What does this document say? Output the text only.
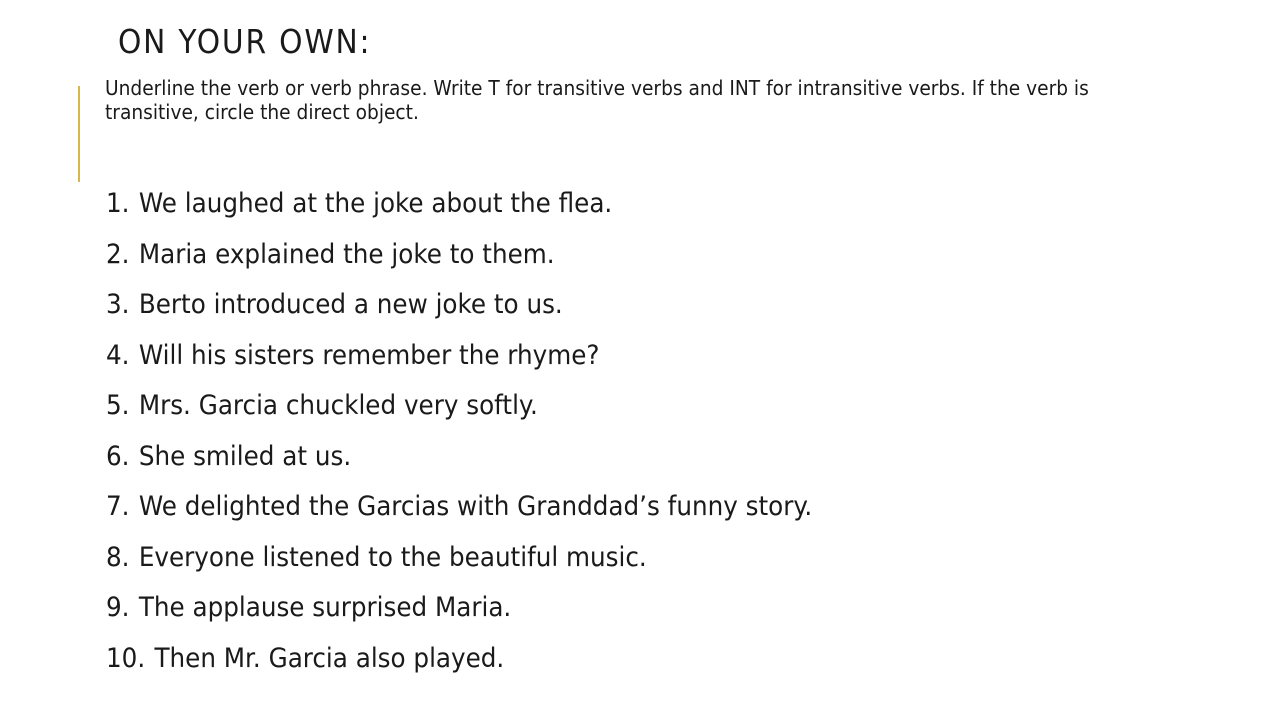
ON YOUR OWN:
Underline the verb or verb phrase. Write T for transitive verbs and INT for intransitive verbs. If the verb is transitive, circle the direct object.
1. We laughed at the joke about the flea.
2. Maria explained the joke to them.
3. Berto introduced a new joke to us.
4. Will his sisters remember the rhyme?
5. Mrs. Garcia chuckled very softly.
6. She smiled at us.
7. We delighted the Garcias with Granddad’s funny story.
8. Everyone listened to the beautiful music.
9. The applause surprised Maria.
10. Then Mr. Garcia also played.
